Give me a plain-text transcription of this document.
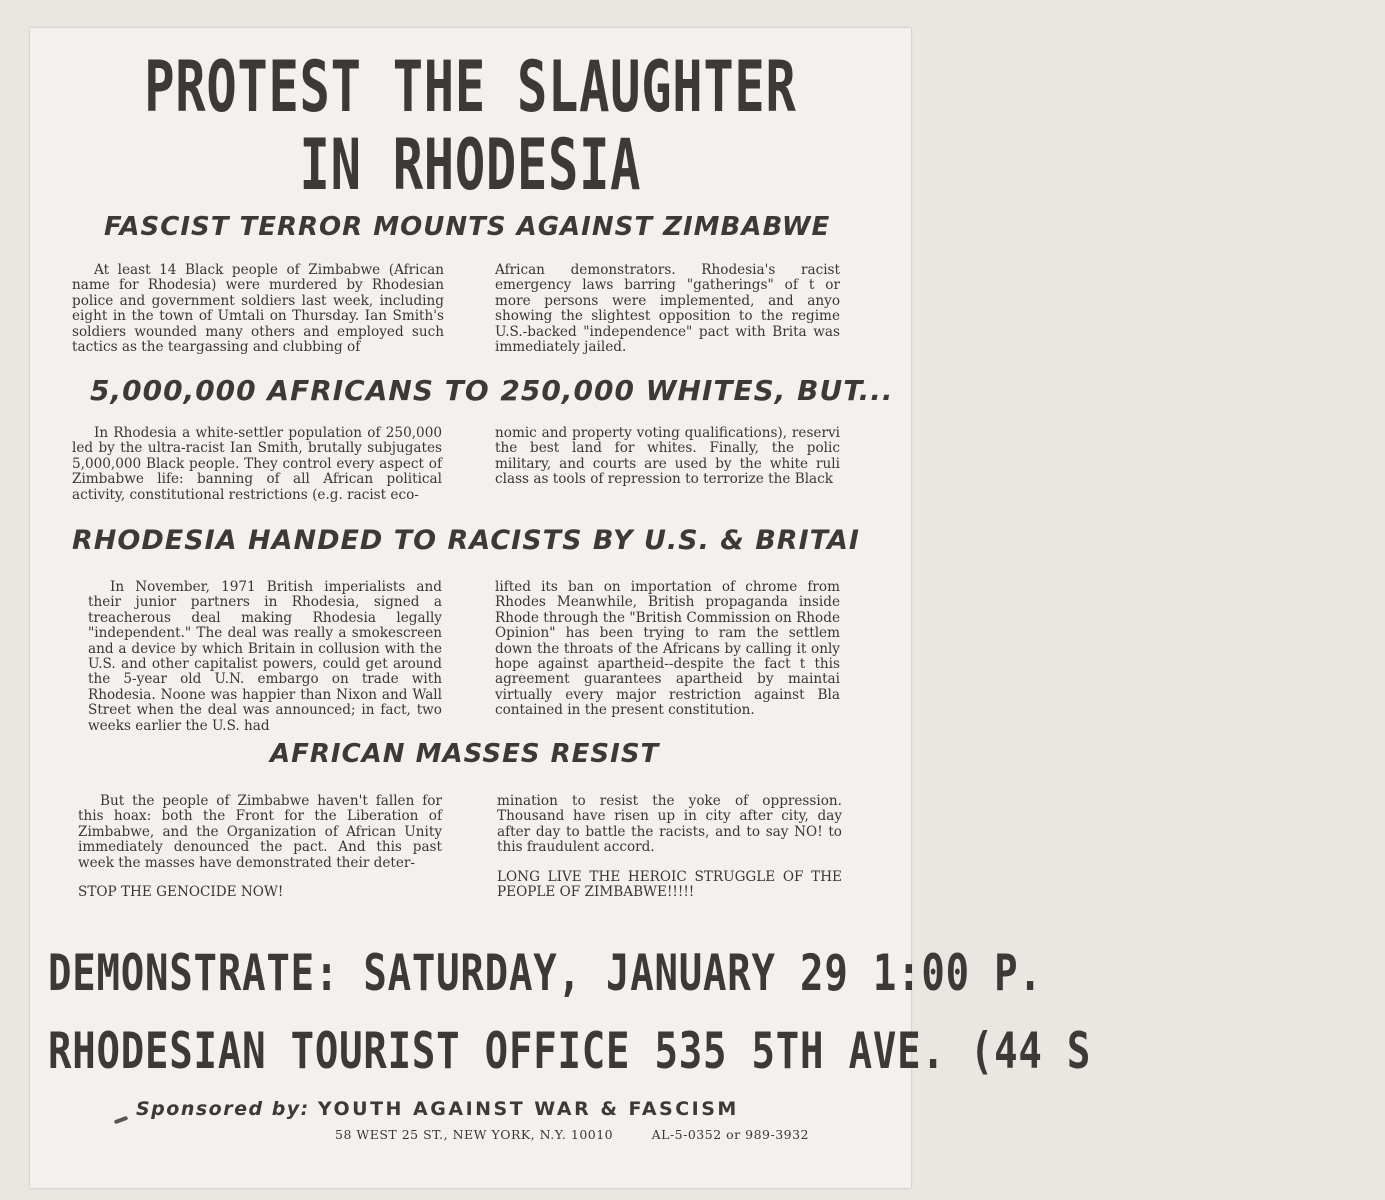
PROTEST THE SLAUGHTER
IN RHODESIA
FASCIST TERROR MOUNTS AGAINST ZIMBABWE

At least 14 Black people of Zimbabwe (African name for Rhodesia) were murdered by Rhodesian police and government soldiers last week, including eight in the town of Umtali on Thursday. Ian Smith's soldiers wounded many others and employed such tactics as the teargassing and clubbing of

African demonstrators. Rhodesia's racist emergency laws barring "gatherings" of t or more persons were implemented, and anyo showing the slightest opposition to the regime U.S.-backed "independence" pact with Brita was immediately jailed.

5,000,000 AFRICANS TO 250,000 WHITES, BUT...

In Rhodesia a white-settler population of 250,000 led by the ultra-racist Ian Smith, brutally subjugates 5,000,000 Black people. They control every aspect of Zimbabwe life: banning of all African political activity, constitutional restrictions (e.g. racist eco-

nomic and property voting qualifications), reservi the best land for whites. Finally, the polic military, and courts are used by the white ruli class as tools of repression to terrorize the Black

RHODESIA HANDED TO RACISTS BY U.S. & BRITAI

In November, 1971 British imperialists and their junior partners in Rhodesia, signed a treacherous deal making Rhodesia legally "independent." The deal was really a smokescreen and a device by which Britain in collusion with the U.S. and other capitalist powers, could get around the 5-year old U.N. embargo on trade with Rhodesia. Noone was happier than Nixon and Wall Street when the deal was announced; in fact, two weeks earlier the U.S. had

lifted its ban on importation of chrome from Rhodes Meanwhile, British propaganda inside Rhode through the "British Commission on Rhode Opinion" has been trying to ram the settlem down the throats of the Africans by calling it only hope against apartheid--despite the fact t this agreement guarantees apartheid by maintai virtually every major restriction against Bla contained in the present constitution.

AFRICAN MASSES RESIST

But the people of Zimbabwe haven't fallen for this hoax: both the Front for the Liberation of Zimbabwe, and the Organization of African Unity immediately denounced the pact. And this past week the masses have demonstrated their deter-

STOP THE GENOCIDE NOW!

mination to resist the yoke of oppression. Thousand have risen up in city after city, day after day to battle the racists, and to say NO! to this fraudulent accord.

LONG LIVE THE HEROIC STRUGGLE OF THE PEOPLE OF ZIMBABWE!!!!!

DEMONSTRATE: SATURDAY, JANUARY 29 1:00 P.
RHODESIAN TOURIST OFFICE 535 5TH AVE. (44 S
Sponsored by: YOUTH AGAINST WAR & FASCISM
58 WEST 25 ST., NEW YORK, N.Y. 10010	AL-5-0352 or 989-3932
